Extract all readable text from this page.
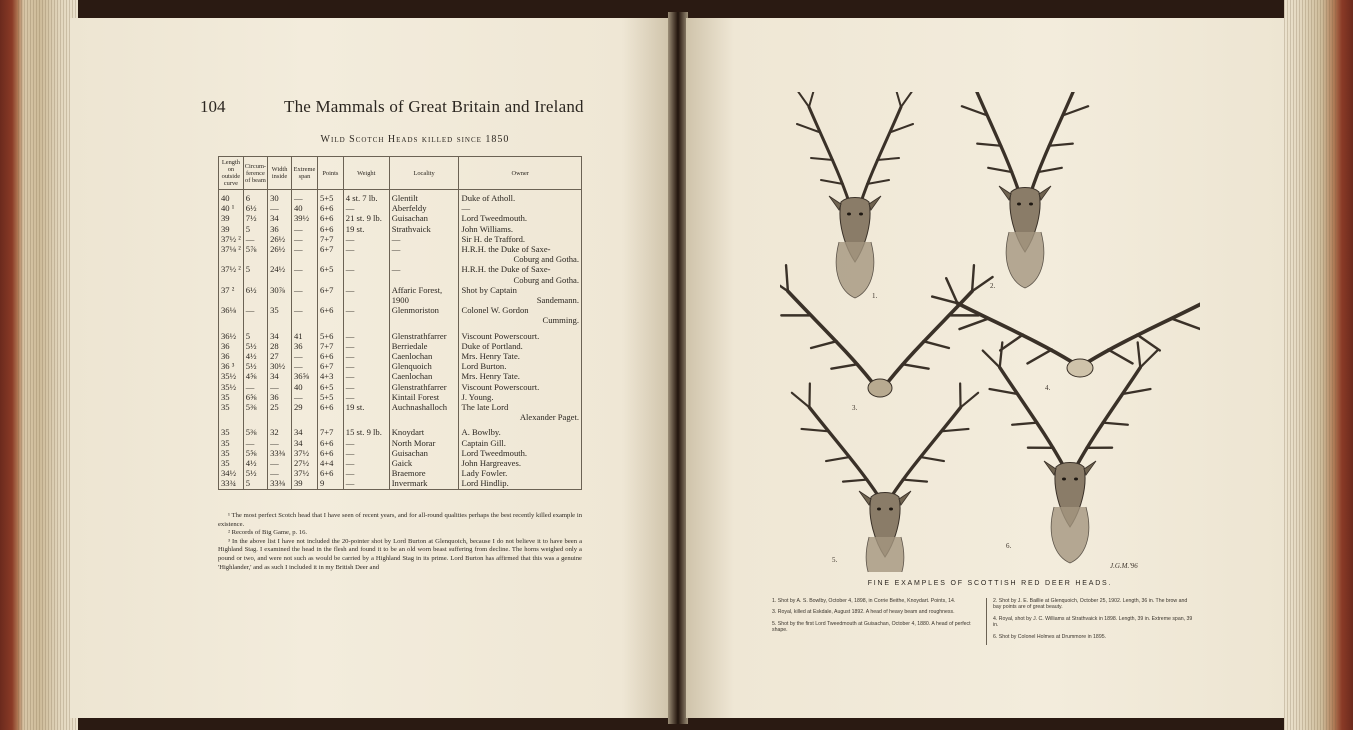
104	The Mammals of Great Britain and Ireland
Wild Scotch Heads killed since 1850
Length on outside curve	Circum-ference of beam	Width inside	Extreme span	Points	Weight	Locality	Owner
40	6	30	—	5+5	4 st. 7 lb.	Glentilt	Duke of Atholl.
40 ¹	6½	—	40	6+6	—	Aberfeldy	—
39	7½	34	39½	6+6	21 st. 9 lb.	Guisachan	Lord Tweedmouth.
39	5	36	—	6+6	19 st.	Strathvaick	John Williams.
37½ ²	—	26½	—	7+7	—	—	Sir H. de Trafford.
37⅛ ²	5⅞	26½	—	6+7	—	—	H.R.H. the Duke of Saxe-
Coburg and Gotha.

37½ ²	5	24½	—	6+5	—	—	H.R.H. the Duke of Saxe-
Coburg and Gotha.

37 ²	6½	30⅞	—	6+7	—	Affaric Forest, 1900	Shot by Captain
Sandemann.

36⅛	—	35	—	6+6	—	Glenmoriston	Colonel W. Gordon
Cumming.

36½	5	34	41	5+6	—	Glenstrathfarrer	Viscount Powerscourt.
36	5½	28	36	7+7	—	Berriedale	Duke of Portland.
36	4½	27	—	6+6	—	Caenlochan	Mrs. Henry Tate.
36 ³	5½	30½	—	6+7	—	Glenquoich	Lord Burton.
35½	4⅝	34	36⅝	4+3	—	Caenlochan	Mrs. Henry Tate.
35½	—	—	40	6+5	—	Glenstrathfarrer	Viscount Powerscourt.
35	6⅝	36	—	5+5	—	Kintail Forest	J. Young.
35	5⅜	25	29	6+6	19 st.	Auchnashalloch	The late Lord
Alexander Paget.

35	5⅜	32	34	7+7	15 st. 9 lb.	Knoydart	A. Bowlby.
35	—	—	34	6+6	—	North Morar	Captain Gill.
35	5⅝	33⅜	37½	6+6	—	Guisachan	Lord Tweedmouth.
35	4½	—	27½	4+4	—	Gaick	John Hargreaves.
34½	5½	—	37½	6+6	—	Braemore	Lady Fowler.
33¾	5	33⅜	39	9	—	Invermark	Lord Hindlip.

¹ The most perfect Scotch head that I have seen of recent years, and for all-round qualities perhaps the best recently killed example in existence.

² Records of Big Game, p. 16.

³ In the above list I have not included the 20-pointer shot by Lord Burton at Glenquoich, because I do not believe it to have been a Highland Stag. I examined the head in the flesh and found it to be an old worn beast suffering from decline. The horns weighed only a pound or two, and were not such as would be carried by a Highland Stag in its prime. Lord Burton has affirmed that this was a genuine 'Highlander,' and as such I included it in my British Deer and

1.
2.
3.
4.
5.
6.
J.G.M.'96
FINE EXAMPLES OF SCOTTISH RED DEER HEADS.
1. Shot by A. S. Bowlby, October 4, 1898, in Corrie Beithe, Knoydart. Points, 14.
3. Royal, killed at Eskdale, August 1892. A head of heavy beam and roughness.
5. Shot by the first Lord Tweedmouth at Guisachan, October 4, 1880. A head of perfect shape.
2. Shot by J. E. Baillie at Glenquoich, October 25, 1902. Length, 36 in. The brow and bay points are of great beauty.
4. Royal, shot by J. C. Williams at Strathvaick in 1898. Length, 39 in. Extreme span, 39 in.
6. Shot by Colonel Holmes at Drummore in 1895.
